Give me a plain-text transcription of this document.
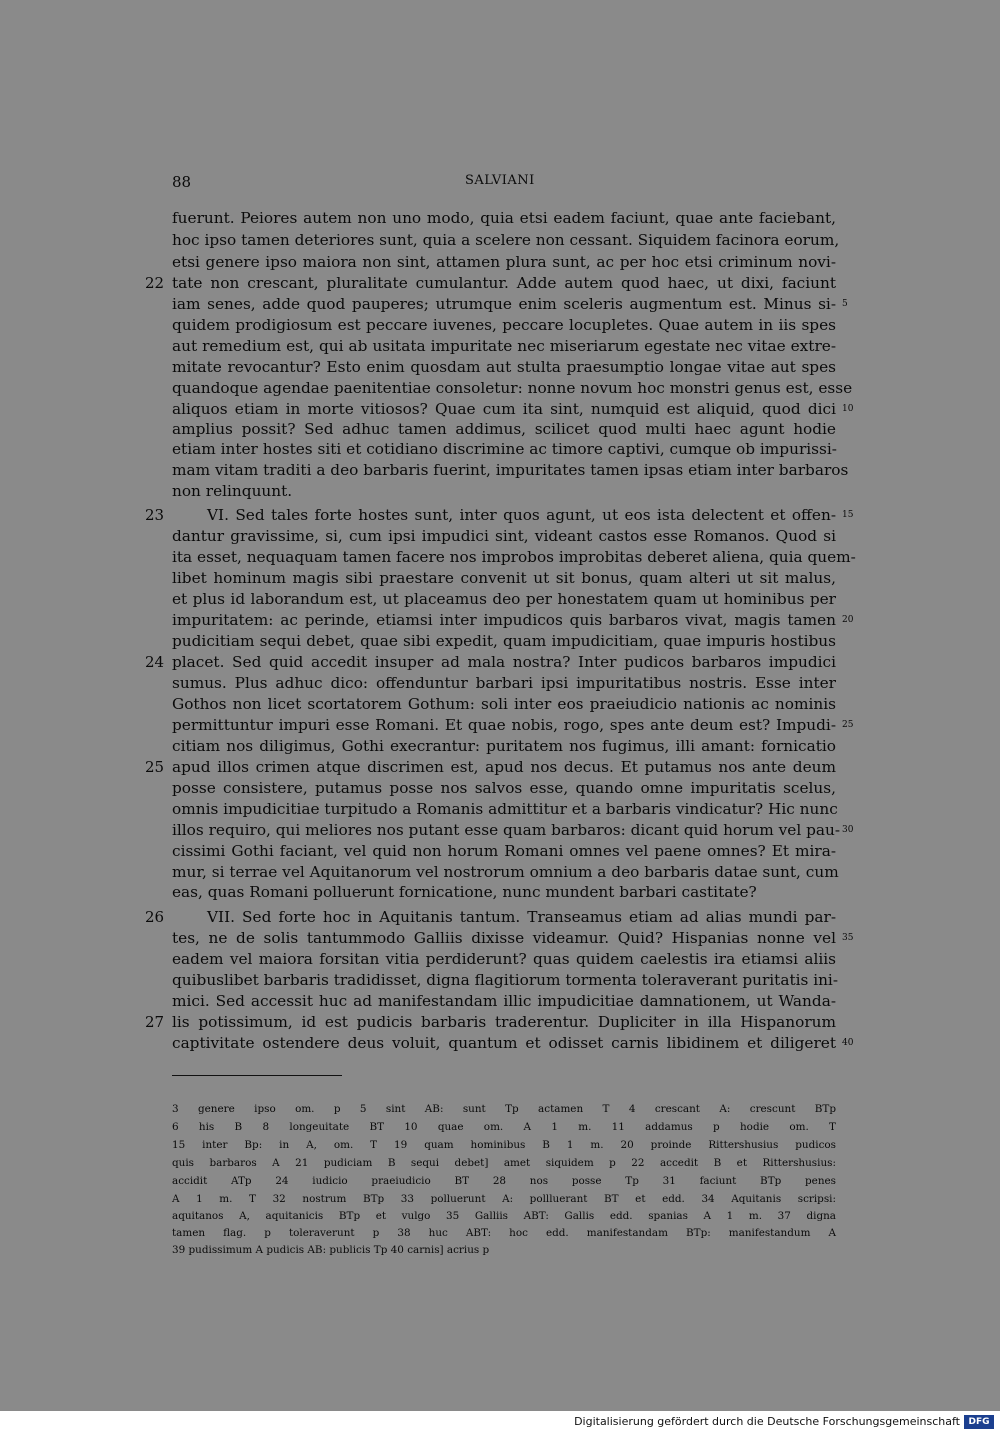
88	SALVIANI
fuerunt. Peiores autem non uno modo, quia etsi eadem faciunt, quae ante faciebant,
hoc ipso tamen deteriores sunt, quia a scelere non cessant. Siquidem facinora eorum,
etsi genere ipso maiora non sint, attamen plura sunt, ac per hoc etsi criminum novi-
tate non crescant, pluralitate cumulantur. Adde autem quod haec, ut dixi, faciunt
iam senes, adde quod pauperes; utrumque enim sceleris augmentum est. Minus si-
quidem prodigiosum est peccare iuvenes, peccare locupletes. Quae autem in iis spes
aut remedium est, qui ab usitata impuritate nec miseriarum egestate nec vitae extre-
mitate revocantur? Esto enim quosdam aut stulta praesumptio longae vitae aut spes
quandoque agendae paenitentiae consoletur: nonne novum hoc monstri genus est, esse
aliquos etiam in morte vitiosos? Quae cum ita sint, numquid est aliquid, quod dici
amplius possit? Sed adhuc tamen addimus, scilicet quod multi haec agunt hodie
etiam inter hostes siti et cotidiano discrimine ac timore captivi, cumque ob impurissi-
mam vitam traditi a deo barbaris fuerint, impuritates tamen ipsas etiam inter barbaros
non relinquunt.
VI. Sed tales forte hostes sunt, inter quos agunt, ut eos ista delectent et offen-
dantur gravissime, si, cum ipsi impudici sint, videant castos esse Romanos. Quod si
ita esset, nequaquam tamen facere nos improbos improbitas deberet aliena, quia quem-
libet hominum magis sibi praestare convenit ut sit bonus, quam alteri ut sit malus,
et plus id laborandum est, ut placeamus deo per honestatem quam ut hominibus per
impuritatem: ac perinde, etiamsi inter impudicos quis barbaros vivat, magis tamen
pudicitiam sequi debet, quae sibi expedit, quam impudicitiam, quae impuris hostibus
placet. Sed quid accedit insuper ad mala nostra? Inter pudicos barbaros impudici
sumus. Plus adhuc dico: offenduntur barbari ipsi impuritatibus nostris. Esse inter
Gothos non licet scortatorem Gothum: soli inter eos praeiudicio nationis ac nominis
permittuntur impuri esse Romani. Et quae nobis, rogo, spes ante deum est? Impudi-
citiam nos diligimus, Gothi execrantur: puritatem nos fugimus, illi amant: fornicatio
apud illos crimen atque discrimen est, apud nos decus. Et putamus nos ante deum
posse consistere, putamus posse nos salvos esse, quando omne impuritatis scelus,
omnis impudicitiae turpitudo a Romanis admittitur et a barbaris vindicatur? Hic nunc
illos requiro, qui meliores nos putant esse quam barbaros: dicant quid horum vel pau-
cissimi Gothi faciant, vel quid non horum Romani omnes vel paene omnes? Et mira-
mur, si terrae vel Aquitanorum vel nostrorum omnium a deo barbaris datae sunt, cum
eas, quas Romani polluerunt fornicatione, nunc mundent barbari castitate?
VII. Sed forte hoc in Aquitanis tantum. Transeamus etiam ad alias mundi par-
tes, ne de solis tantummodo Galliis dixisse videamur. Quid? Hispanias nonne vel
eadem vel maiora forsitan vitia perdiderunt? quas quidem caelestis ira etiamsi aliis
quibuslibet barbaris tradidisset, digna flagitiorum tormenta toleraverant puritatis ini-
mici. Sed accessit huc ad manifestandam illic impudicitiae damnationem, ut Wanda-
lis potissimum, id est pudicis barbaris traderentur. Dupliciter in illa Hispanorum
captivitate ostendere deus voluit, quantum et odisset carnis libidinem et diligeret
22
23
24
25
26
27
5
10
15
20
25
30
35
40
3 genere ipso om. p 5 sint AB: sunt Tp actamen T 4 crescant A: crescunt BTp
6 his B 8 longeuitate BT 10 quae om. A 1 m. 11 addamus p hodie om. T
15 inter Bp: in A, om. T 19 quam hominibus B 1 m. 20 proinde Rittershusius pudicos
quis barbaros A 21 pudiciam B sequi debet] amet siquidem p 22 accedit B et Rittershusius:
accidit ATp 24 iudicio praeiudicio BT 28 nos posse Tp 31 faciunt BTp penes
A 1 m. T 32 nostrum BTp 33 polluerunt A: pollluerant BT et edd. 34 Aquitanis scripsi:
aquitanos A, aquitanicis BTp et vulgo 35 Galliis ABT: Gallis edd. spanias A 1 m. 37 digna
tamen flag. p toleraverunt p 38 huc ABT: hoc edd. manifestandam BTp: manifestandum A
39 pudissimum A pudicis AB: publicis Tp 40 carnis] acrius p
Digitalisierung gefördert durch die Deutsche Forschungsgemeinschaft DFG
